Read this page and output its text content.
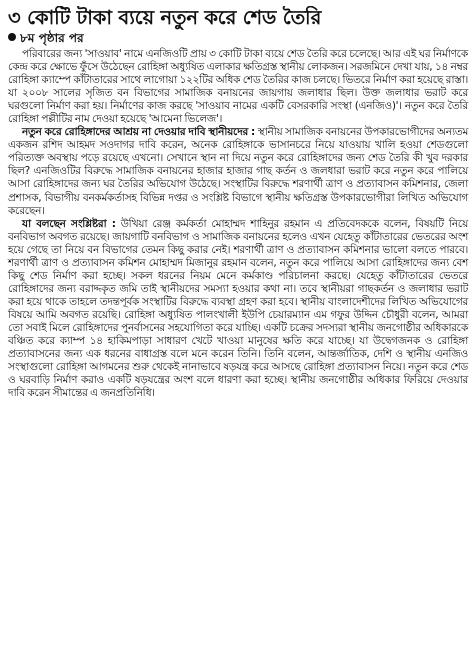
৩ কোটি টাকা ব্যয়ে নতুন করে শেড তৈরি
৮ম পৃষ্ঠার পর

পরিবারের জন্য 'সাওয়াব' নামে এনজিওটি প্রায় ৩ কোটি টাকা ব্যয়ে শেড তৈরি করে চলেছে। আর এই ঘর নির্মাণকে কেন্দ্র করে ক্ষোভে ফুঁসে উঠেছেন রোহিঙ্গা অধ্যুষিত এলাকার ক্ষতিগ্রস্ত স্থানীয় লোকজন। সরজমিনে দেখা যায়, ১৪ নম্বর রোহিঙ্গা ক্যাম্পে কাঁটাতারের সাথে লাগোয়া ১২২টির অধিক শেড তৈরির কাজ চলছে। ভিতরে নির্মাণ করা হয়েছে রাস্তা। যা ২০০৮ সালের সৃজিত বন বিভাগের সামাজিক বনায়নের জায়গায় জলাধার ছিল। উক্ত জলাধার ভরাট করে ঘরগুলো নির্মাণ করা হয়। নির্মাণের কাজ করছে 'সাওয়াব নামের একটি বেসরকারি সংস্থা (এনজিও)'। নতুন করে তৈরি রোহিঙ্গা পল্লীটির নাম দেওয়া হয়েছে 'আমেনা ভিলেজ'।

নতুন করে রোহিঙ্গাদের আশ্রয় না দেওয়ার দাবি স্থানীয়দের : স্থানীয় সামাজিক বনায়নের উপকারভোগীদের অন্যতম একজন রশিদ আহমদ সওদাগর দাবি করেন, অনেক রোহিঙ্গাকে ভাসানচরে নিয়ে যাওয়ায় খালি হওয়া শেডগুলো পরিত্যক্ত অবস্থায় পড়ে রয়েছে এখনো। সেখানে স্থান না দিয়ে নতুন করে রোহিঙ্গাদের জন্য শেড তৈরি কী খুব দরকার ছিল? এনজিওটির বিরুদ্ধে সামাজিক বনায়নের হাজার হাজার গাছ কর্তন ও জলধারা ভরাট করে নতুন করে পালিয়ে আসা রোহিঙ্গাদের জন্য ঘর তৈরির অভিযোগ উঠেছে। সংস্থাটির বিরুদ্ধে শরণার্থী ত্রাণ ও প্রত্যাবাসন কমিশনার, জেলা প্রশাসক, বিভাগীয় বনকর্মকর্তাসহ বিভিন্ন দপ্তর ও সংশ্লিষ্ট বিভাগে স্থানীয় ক্ষতিগ্রস্ত উপকারভোগীরা লিখিত অভিযোগ করেছেন।

যা বলছেন সংশ্লিষ্টরা : উখিয়া রেঞ্জ কর্মকর্তা মোহাম্মদ শাহিনুর রহমান এ প্রতিবেদককে বলেন, বিষয়টি নিয়ে বনবিভাগ অবগত রয়েছে। জায়গাটি বনবিভাগ ও সামাজিক বনায়নের হলেও এখন যেহেতু কাঁটাতারের ভেতরের অংশ হয়ে গেছে তা নিয়ে বন বিভাগের তেমন কিছু করার নেই। শরণার্থী ত্রাণ ও প্রত্যাবাসন কমিশনার ভালো বলতে পারবে। শরণার্থী ত্রাণ ও প্রত্যাবাসন কমিশন মোহাম্মদ মিজানুর রহমান বলেন, নতুন করে পালিয়ে আসা রোহিঙ্গাদের জন্য বেশ কিছু শেড নির্মাণ করা হচ্ছে। সকল ধরনের নিয়ম মেনে কর্মকাণ্ড পরিচালনা করছে। যেহেতু কাঁটাতারের ভেতরে রোহিঙ্গাদের জন্য বরাদ্দকৃত জমি তাই স্থানীয়দের সমস্যা হওয়ার কথা না। তবে স্থানীয়রা গাছকর্তন ও জলাধার ভরাট করা হয়ে থাকে তাহলে তদন্তপূর্বক সংস্থাটির বিরুদ্ধে ব্যবস্থা গ্রহণ করা হবে। স্থানীয় বাংলাদেশীদের লিখিত অভিযোগের বিষয়ে আমি অবগত রয়েছি। রোহিঙ্গা অধ্যুষিত পালংখালী ইউপি চেয়ারম্যান এম গফুর উদ্দিন চৌধুরী বলেন, আমরা তো সবাই মিলে রোহিঙ্গাদের পুনর্বাসনের সহযোগিতা করে যাচ্ছি। একটি চক্রের সদস্যরা স্থানীয় জনগোষ্ঠীর অধিকারকে বঞ্চিত করে ক্যাম্প ১৪ হাকিমপাড়া সাধারণ খেটে খাওয়া মানুষের ক্ষতি করে যাচ্ছে। যা উদ্বেগজনক ও রোহিঙ্গা প্রত্যাবাসনের জন্য এক ধরনের বাধাগ্রস্ত বলে মনে করেন তিনি। তিনি বলেন, আন্তর্জাতিক, দেশি ও স্থানীয় এনজিও সংস্থাগুলো রোহিঙ্গা আগমনের শুরু থেকেই নানাভাবে ষড়যন্ত্র করে আসছে রোহিঙ্গা প্রত্যাবাসন নিয়ে। নতুন করে শেড ও ঘরবাড়ি নির্মাণ করাও একটি ষড়যন্ত্রের অংশ বলে ধারণা করা হচ্ছে। স্থানীয় জনগোষ্ঠীর অধিকার ফিরিয়ে দেওয়ার দাবি করেন সীমান্তের এ জনপ্রতিনিধি।
